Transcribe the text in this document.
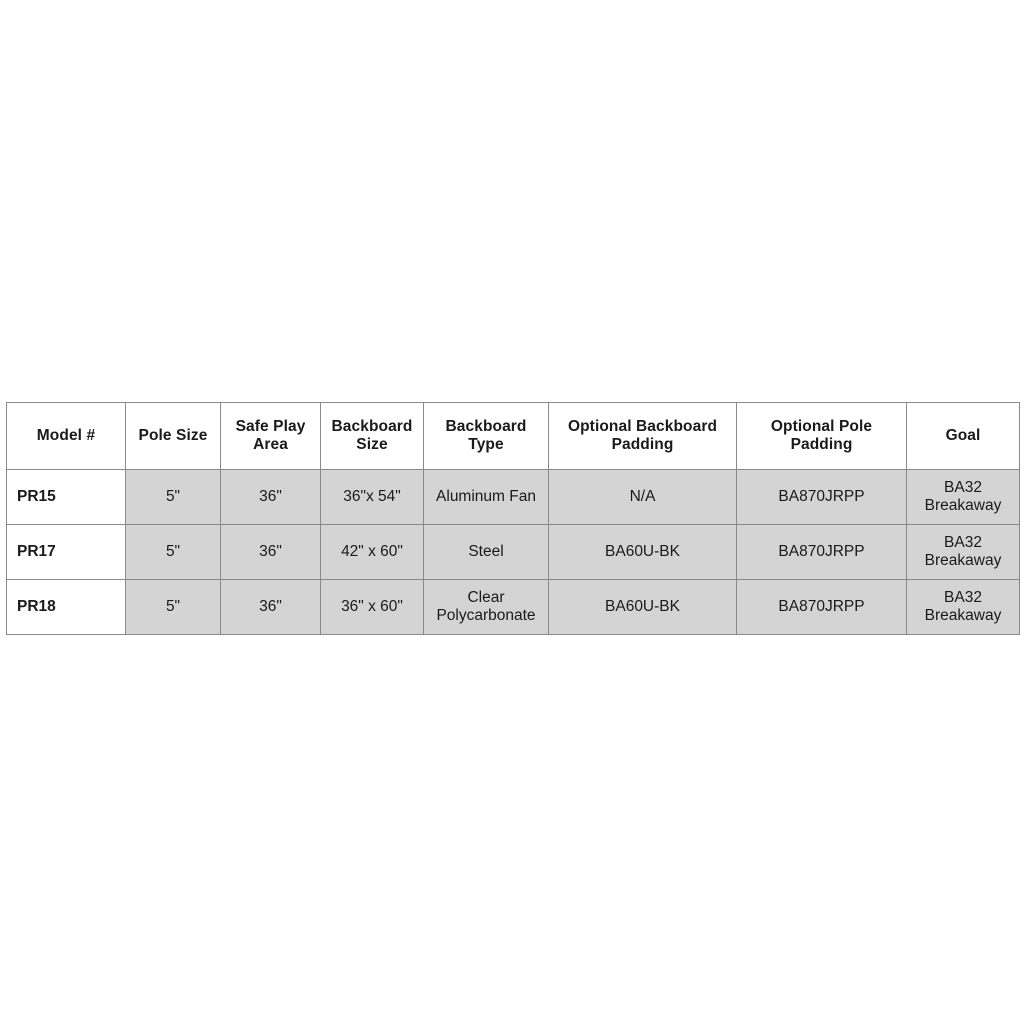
Model #	Pole Size	Safe Play Area	Backboard Size	Backboard Type	Optional Backboard Padding	Optional Pole Padding	Goal
PR15	5"	36"	36"x 54"	Aluminum Fan	N/A	BA870JRPP	BA32 Breakaway
PR17	5"	36"	42" x 60"	Steel	BA60U-BK	BA870JRPP	BA32 Breakaway
PR18	5"	36"	36" x 60"	Clear Polycarbonate	BA60U-BK	BA870JRPP	BA32 Breakaway
